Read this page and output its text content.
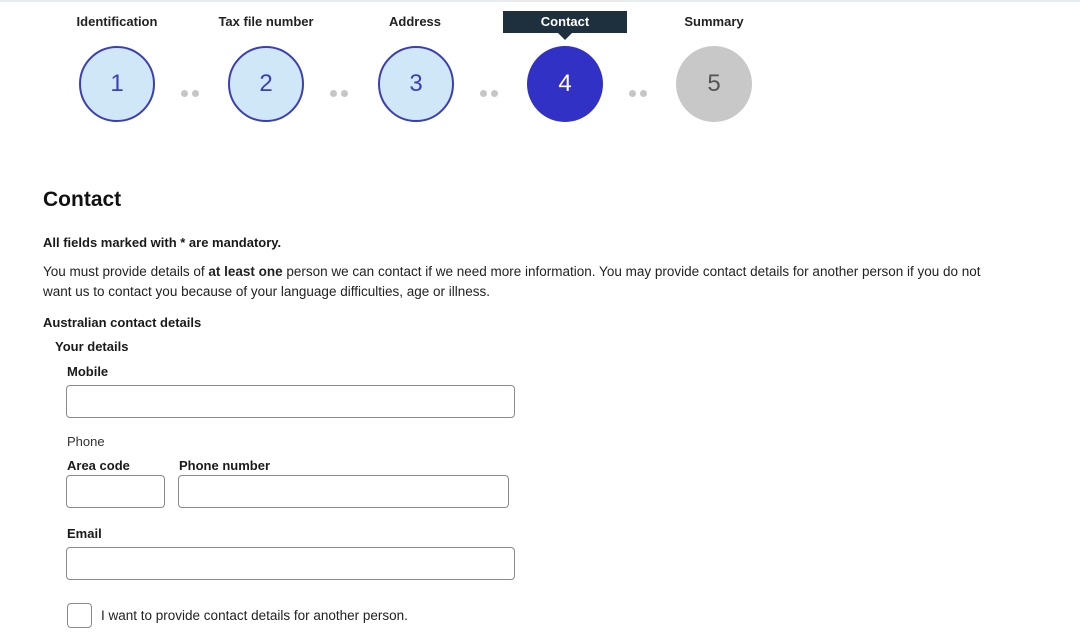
Identification
1
Tax file number
2
Address
3
Contact
4
Summary
5
Contact
All fields marked with * are mandatory.
You must provide details of at least one person we can contact if we need more information. You may provide contact details for another person if you do not want us to contact you because of your language difficulties, age or illness.
Australian contact details
Your details
Mobile
Phone
Area code	Phone number
Email
I want to provide contact details for another person.
